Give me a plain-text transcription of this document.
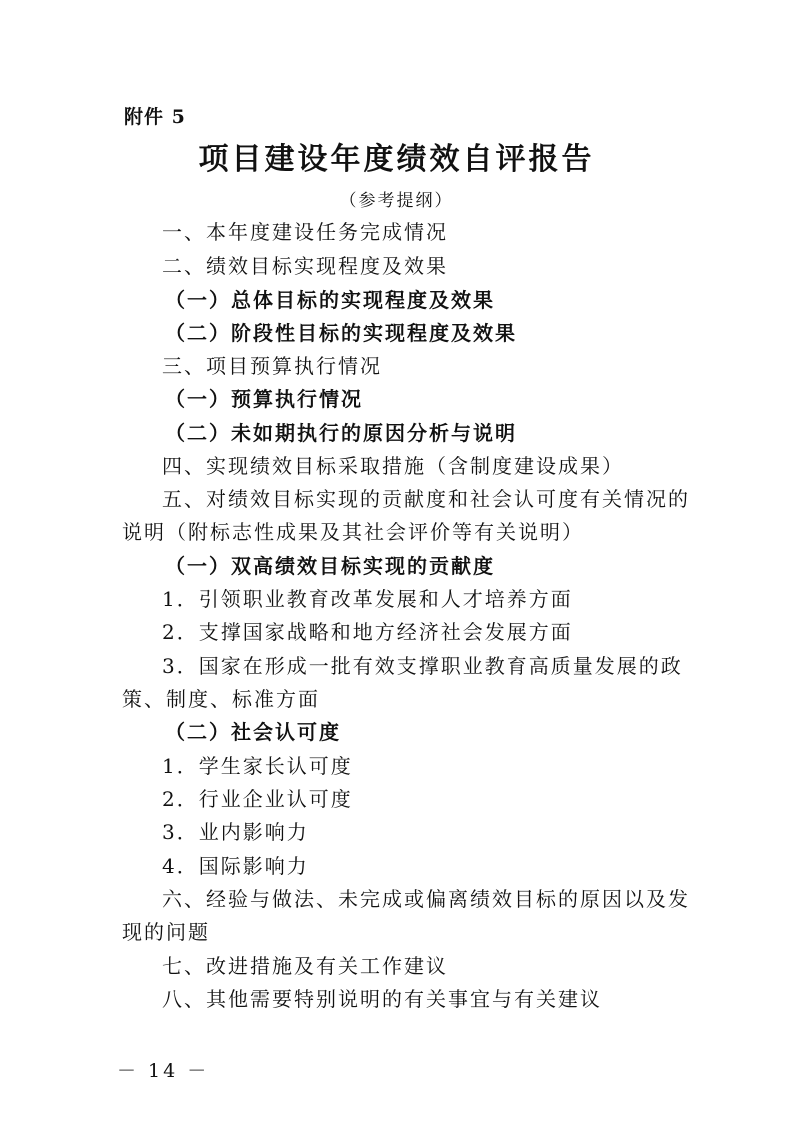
附件 5
项目建设年度绩效自评报告
（参考提纲）
一、本年度建设任务完成情况
二、绩效目标实现程度及效果
（一）总体目标的实现程度及效果
（二）阶段性目标的实现程度及效果
三、项目预算执行情况
（一）预算执行情况
（二）未如期执行的原因分析与说明
四、实现绩效目标采取措施（含制度建设成果）
五、对绩效目标实现的贡献度和社会认可度有关情况的
说明（附标志性成果及其社会评价等有关说明）
（一）双高绩效目标实现的贡献度
1．引领职业教育改革发展和人才培养方面
2．支撑国家战略和地方经济社会发展方面
3．国家在形成一批有效支撑职业教育高质量发展的政
策、制度、标准方面
（二）社会认可度
1．学生家长认可度
2．行业企业认可度
3．业内影响力
4．国际影响力
六、经验与做法、未完成或偏离绩效目标的原因以及发
现的问题
七、改进措施及有关工作建议
八、其他需要特别说明的有关事宜与有关建议
－ 14 －
